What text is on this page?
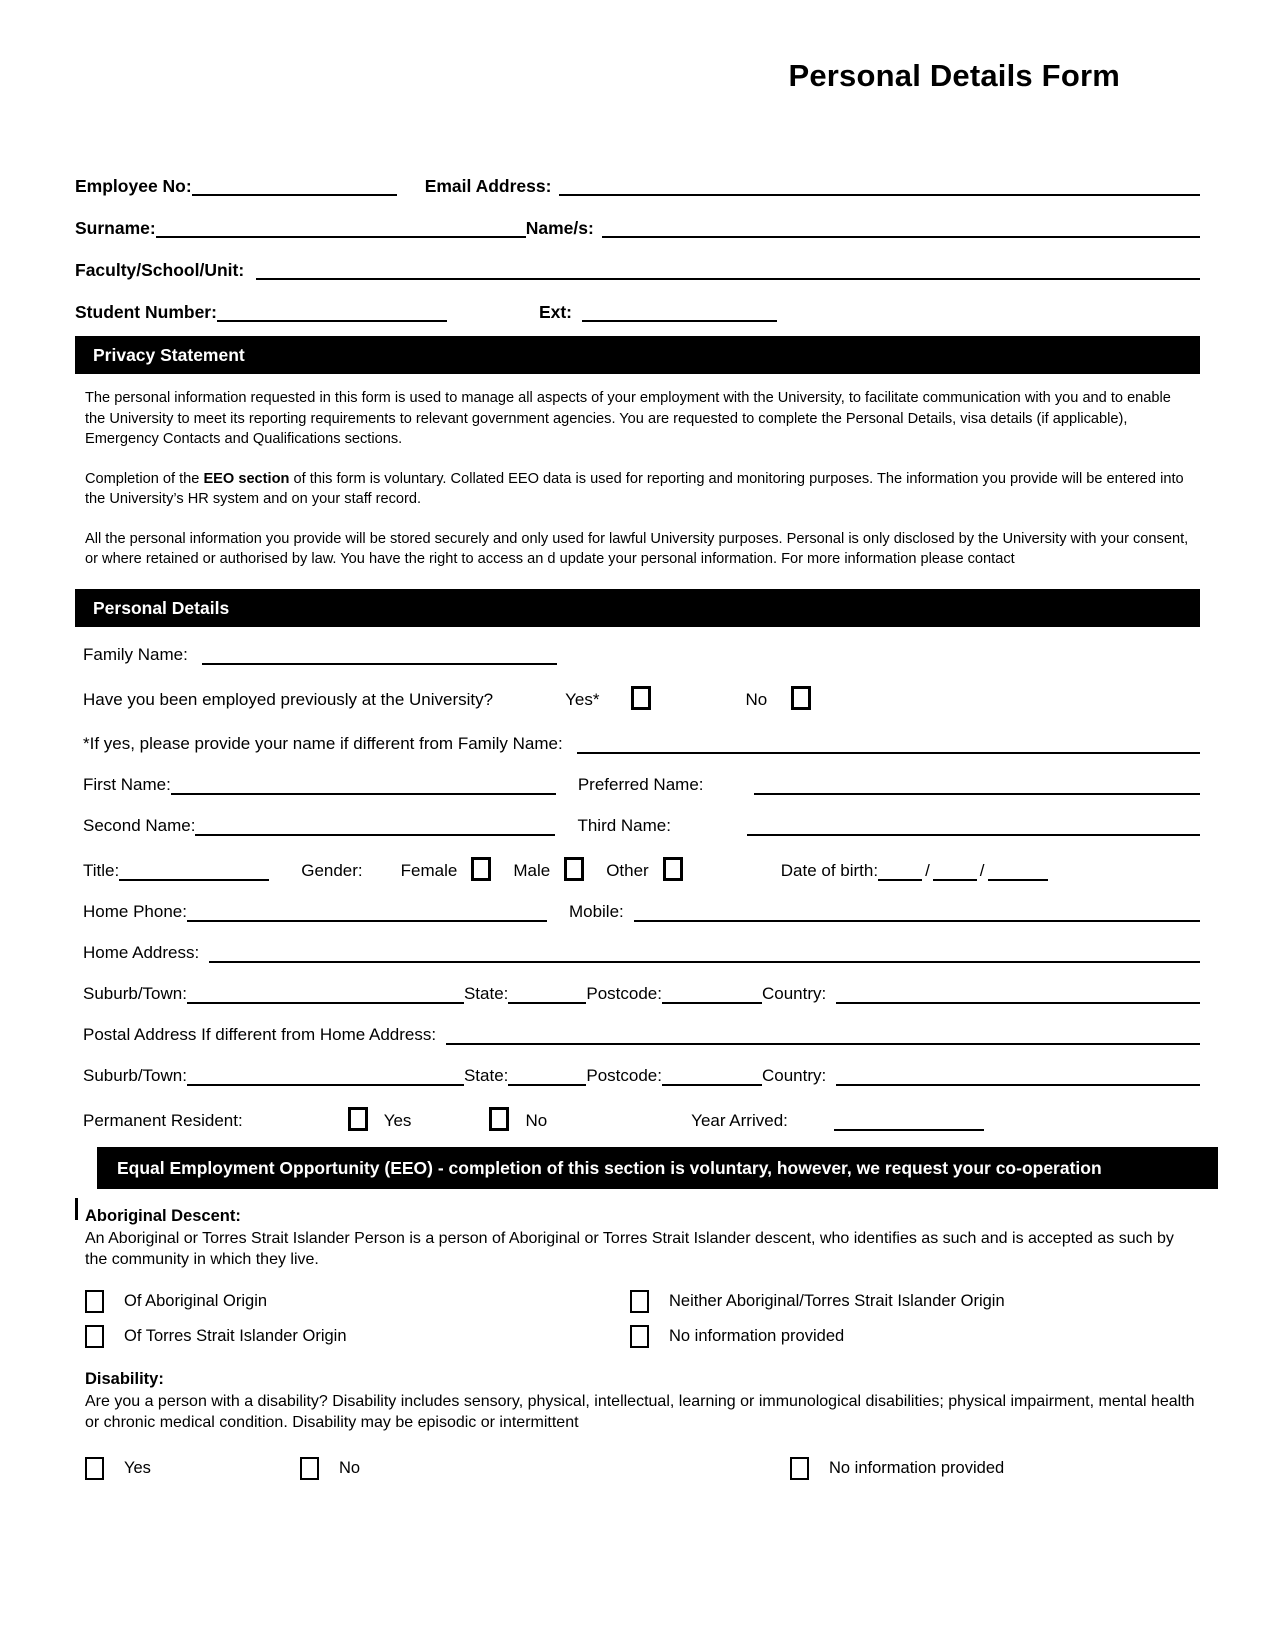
Personal Details Form
Employee No:	Email Address:
Surname:	Name/s:
Faculty/School/Unit:
Student Number:	Ext:
Privacy Statement

The personal information requested in this form is used to manage all aspects of your employment with the University, to facilitate communication with you and to enable the University to meet its reporting requirements to relevant government agencies. You are requested to complete the Personal Details, visa details (if applicable), Emergency Contacts and Qualifications sections.

Completion of the EEO section of this form is voluntary. Collated EEO data is used for reporting and monitoring purposes. The information you provide will be entered into the University’s HR system and on your staff record.

All the personal information you provide will be stored securely and only used for lawful University purposes. Personal is only disclosed by the University with your consent, or where retained or authorised by law. You have the right to access an d update your personal information. For more information please contact

Personal Details
Family Name:
Have you been employed previously at the University?	Yes*	No
*If yes, please provide your name if different from Family Name:
First Name:	Preferred Name:
Second Name:	Third Name:
Title:	Gender: Female	Male	Other	Date of birth:	/	/
Home Phone:	Mobile:
Home Address:
Suburb/Town:	State:	Postcode:	Country:
Postal Address If different from Home Address:
Suburb/Town:	State:	Postcode:	Country:
Permanent Resident:	Yes	No	Year Arrived:
Equal Employment Opportunity (EEO) - completion of this section is voluntary, however, we request your co-operation
Aboriginal Descent:
An Aboriginal or Torres Strait Islander Person is a person of Aboriginal or Torres Strait Islander descent, who identifies as such and is accepted as such by the community in which they live.
Of Aboriginal Origin	Neither Aboriginal/Torres Strait Islander Origin
Of Torres Strait Islander Origin	No information provided
Disability:
Are you a person with a disability? Disability includes sensory, physical, intellectual, learning or immunological disabilities; physical impairment, mental health or chronic medical condition. Disability may be episodic or intermittent
Yes	No	No information provided
